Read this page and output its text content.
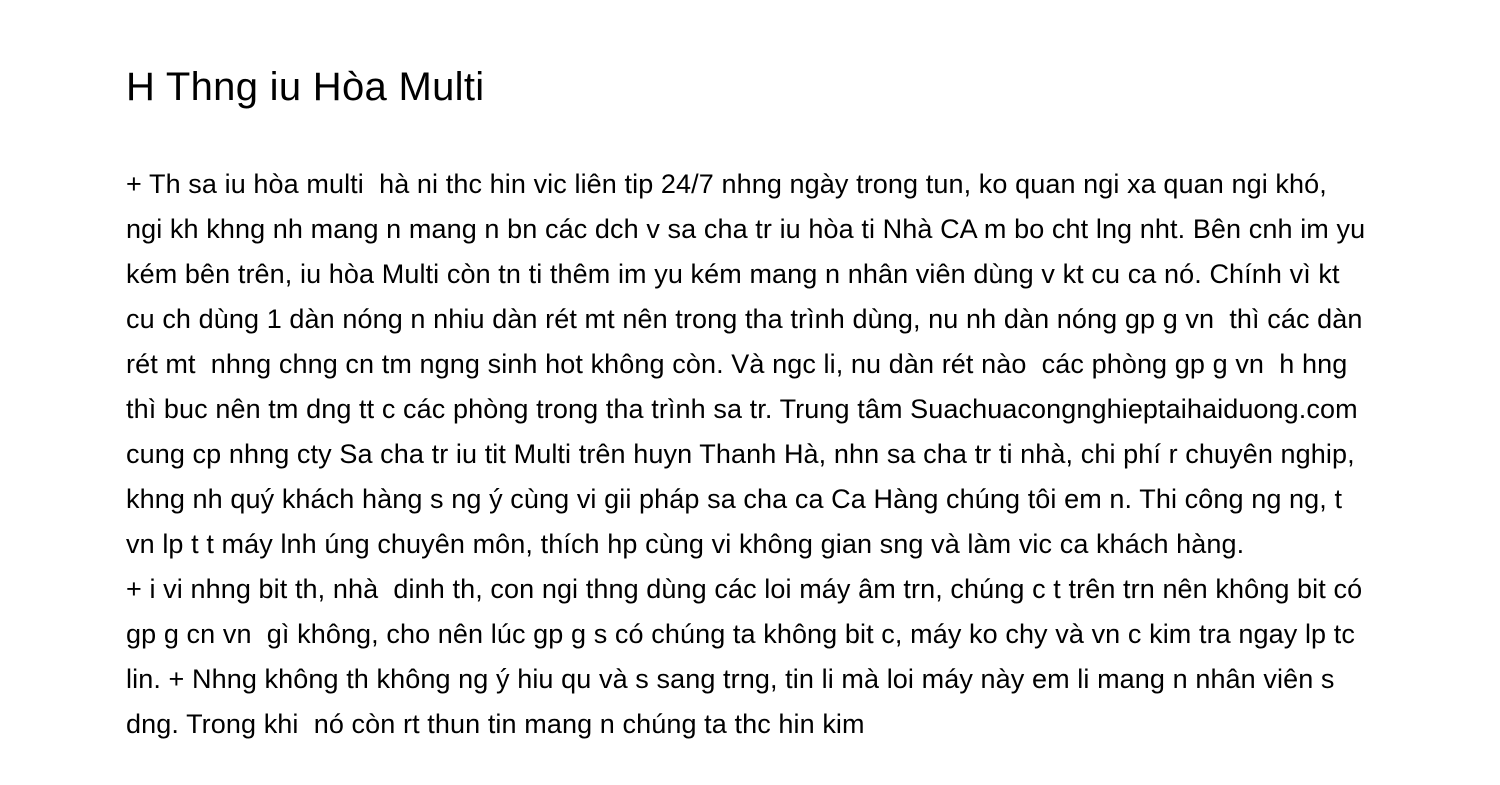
H Thng iu Hòa Multi

+ Th sa iu hòa multi  hà ni thc hin vic liên tip 24/7 nhng ngày trong tun, ko quan ngi xa quan ngi khó, ngi kh khng nh mang n mang n bn các dch v sa cha tr iu hòa ti Nhà CA m bo cht lng nht. Bên cnh im yu kém bên trên, iu hòa Multi còn tn ti thêm im yu kém mang n nhân viên dùng v kt cu ca nó. Chính vì kt cu ch dùng 1 dàn nóng n nhiu dàn rét mt nên trong tha trình dùng, nu nh dàn nóng gp g vn  thì các dàn rét mt  nhng chng cn tm ngng sinh hot không còn. Và ngc li, nu dàn rét nào  các phòng gp g vn  h hng thì buc nên tm dng tt c các phòng trong tha trình sa tr. Trung tâm Suachuacongnghieptaihaiduong.com cung cp nhng cty Sa cha tr iu tit Multi trên huyn Thanh Hà, nhn sa cha tr ti nhà, chi phí r chuyên nghip, khng nh quý khách hàng s ng ý cùng vi gii pháp sa cha ca Ca Hàng chúng tôi em n. Thi công ng ng, t vn lp t t máy lnh úng chuyên môn, thích hp cùng vi không gian sng và làm vic ca khách hàng.

+ i vi nhng bit th, nhà  dinh th, con ngi thng dùng các loi máy âm trn, chúng c t trên trn nên không bit có gp g cn vn  gì không, cho nên lúc gp g s có chúng ta không bit c, máy ko chy và vn c kim tra ngay lp tc lin. + Nhng không th không ng ý hiu qu và s sang trng, tin li mà loi máy này em li mang n nhân viên s dng. Trong khi  nó còn rt thun tin mang n chúng ta thc hin kim
